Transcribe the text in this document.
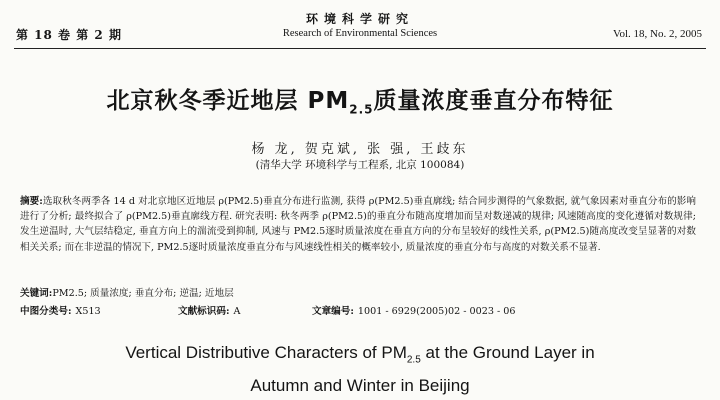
第 18 卷 第 2 期
环境科学研究
Research of Environmental Sciences	Vol. 18, No. 2, 2005
北京秋冬季近地层 $PM_{2.5}$质量浓度垂直分布特征
杨 龙, 贺克斌, 张 强, 王歧东
(清华大学 环境科学与工程系, 北京 100084)
摘要:选取秋冬两季各 14 d 对北京地区近地层 ρ(PM2.5)垂直分布进行监测, 获得 ρ(PM2.5)垂直廓线; 结合同步测得的气象数据, 就气象因素对垂直分布的影响进行了分析; 最终拟合了 ρ(PM2.5)垂直廓线方程. 研究表明: 秋冬两季 ρ(PM2.5)的垂直分布随高度增加而呈对数递减的规律; 风速随高度的变化遵循对数规律; 发生逆温时, 大气层结稳定, 垂直方向上的湍流受到抑制, 风速与 PM2.5逐时质量浓度在垂直方向的分布呈较好的线性关系, ρ(PM2.5)随高度改变呈显著的对数相关关系; 而在非逆温的情况下, PM2.5逐时质量浓度垂直分布与风速线性相关的概率较小, 质量浓度的垂直分布与高度的对数关系不显著.
关键词:PM2.5; 质量浓度; 垂直分布; 逆温; 近地层
中图分类号: X513	文献标识码: A	文章编号: 1001 - 6929(2005)02 - 0023 - 06
Vertical Distributive Characters of $PM_{2.5}$ at the Ground Layer in
Autumn and Winter in Beijing
